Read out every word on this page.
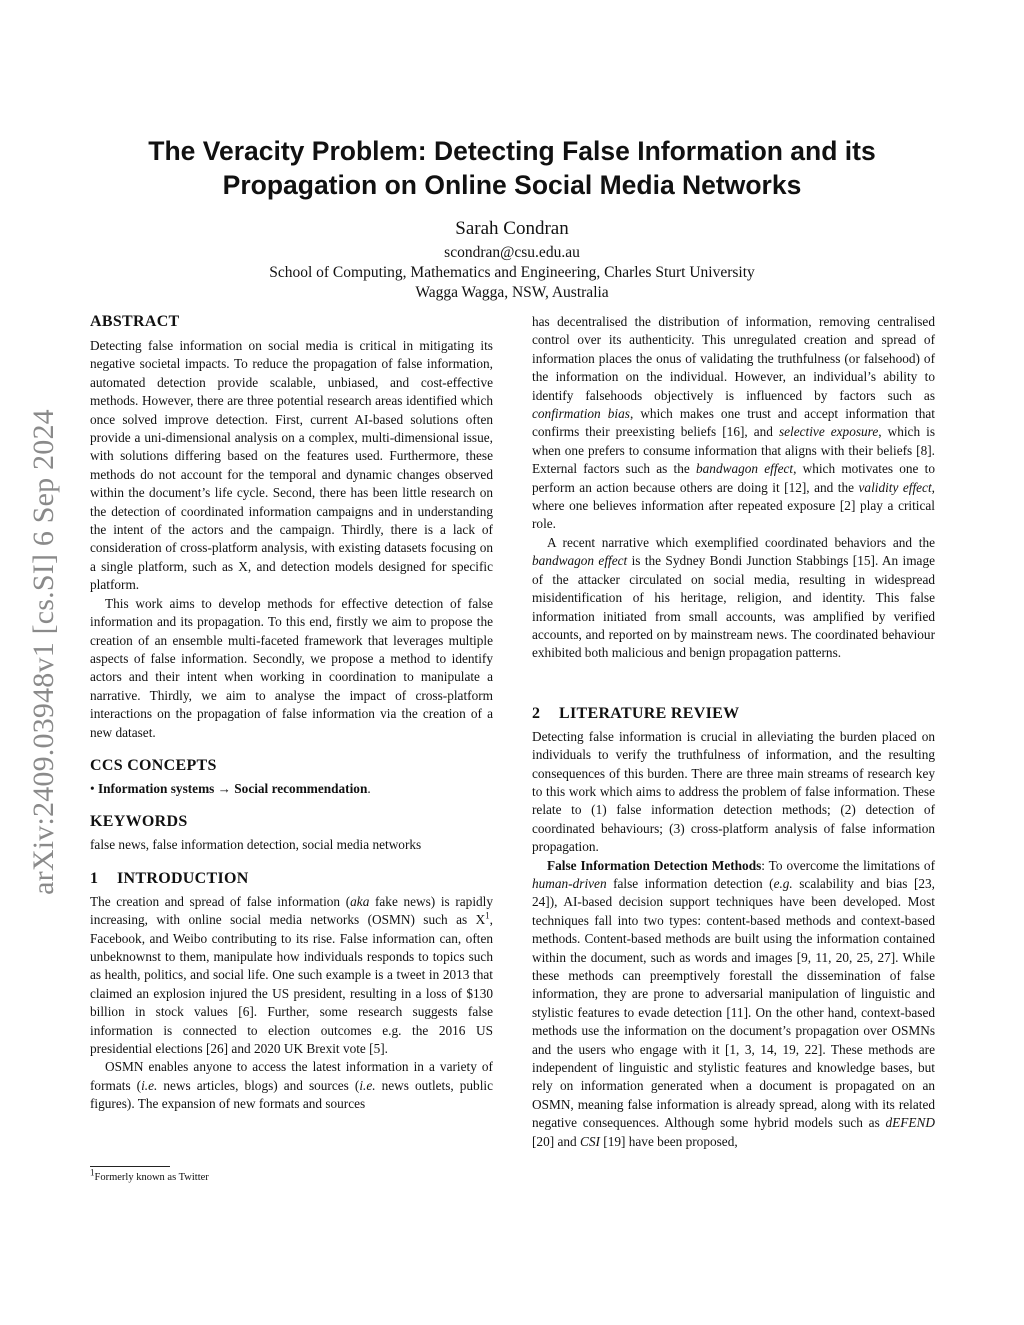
arXiv:2409.03948v1 [cs.SI] 6 Sep 2024
The Veracity Problem: Detecting False Information and its
Propagation on Online Social Media Networks
Sarah Condran
scondran@csu.edu.au
School of Computing, Mathematics and Engineering, Charles Sturt University
Wagga Wagga, NSW, Australia
ABSTRACT

Detecting false information on social media is critical in mitigating its negative societal impacts. To reduce the propagation of false information, automated detection provide scalable, unbiased, and cost-effective methods. However, there are three potential research areas identified which once solved improve detection. First, current AI-based solutions often provide a uni-dimensional analysis on a complex, multi-dimensional issue, with solutions differing based on the features used. Furthermore, these methods do not account for the temporal and dynamic changes observed within the document’s life cycle. Second, there has been little research on the detection of coordinated information campaigns and in understanding the intent of the actors and the campaign. Thirdly, there is a lack of consideration of cross-platform analysis, with existing datasets focusing on a single platform, such as X, and detection models designed for specific platform.

This work aims to develop methods for effective detection of false information and its propagation. To this end, firstly we aim to propose the creation of an ensemble multi-faceted framework that leverages multiple aspects of false information. Secondly, we propose a method to identify actors and their intent when working in coordination to manipulate a narrative. Thirdly, we aim to analyse the impact of cross-platform interactions on the propagation of false information via the creation of a new dataset.

CCS CONCEPTS

• Information systems → Social recommendation.

KEYWORDS

false news, false information detection, social media networks

1 INTRODUCTION

The creation and spread of false information (aka fake news) is rapidly increasing, with online social media networks (OSMN) such as $X^1$, Facebook, and Weibo contributing to its rise. False information can, often unbeknownst to them, manipulate how individuals responds to topics such as health, politics, and social life. One such example is a tweet in 2013 that claimed an explosion injured the US president, resulting in a loss of $130 billion in stock values [6]. Further, some research suggests false information is connected to election outcomes e.g. the 2016 US presidential elections [26] and 2020 UK Brexit vote [5].

OSMN enables anyone to access the latest information in a variety of formats (i.e. news articles, blogs) and sources (i.e. news outlets, public figures). The expansion of new formats and sources

$^1$Formerly known as Twitter

has decentralised the distribution of information, removing centralised control over its authenticity. This unregulated creation and spread of information places the onus of validating the truthfulness (or falsehood) of the information on the individual. However, an individual’s ability to identify falsehoods objectively is influenced by factors such as confirmation bias, which makes one trust and accept information that confirms their preexisting beliefs [16], and selective exposure, which is when one prefers to consume information that aligns with their beliefs [8]. External factors such as the bandwagon effect, which motivates one to perform an action because others are doing it [12], and the validity effect, where one believes information after repeated exposure [2] play a critical role.

A recent narrative which exemplified coordinated behaviors and the bandwagon effect is the Sydney Bondi Junction Stabbings [15]. An image of the attacker circulated on social media, resulting in widespread misidentification of his heritage, religion, and identity. This false information initiated from small accounts, was amplified by verified accounts, and reported on by mainstream news. The coordinated behaviour exhibited both malicious and benign propagation patterns.

2 LITERATURE REVIEW

Detecting false information is crucial in alleviating the burden placed on individuals to verify the truthfulness of information, and the resulting consequences of this burden. There are three main streams of research key to this work which aims to address the problem of false information. These relate to (1) false information detection methods; (2) detection of coordinated behaviours; (3) cross-platform analysis of false information propagation.

False Information Detection Methods: To overcome the limitations of human-driven false information detection (e.g. scalability and bias [23, 24]), AI-based decision support techniques have been developed. Most techniques fall into two types: content-based methods and context-based methods. Content-based methods are built using the information contained within the document, such as words and images [9, 11, 20, 25, 27]. While these methods can preemptively forestall the dissemination of false information, they are prone to adversarial manipulation of linguistic and stylistic features to evade detection [11]. On the other hand, context-based methods use the information on the document’s propagation over OSMNs and the users who engage with it [1, 3, 14, 19, 22]. These methods are independent of linguistic and stylistic features and knowledge bases, but rely on information generated when a document is propagated on an OSMN, meaning false information is already spread, along with its related negative consequences. Although some hybrid models such as dEFEND [20] and CSI [19] have been proposed,
